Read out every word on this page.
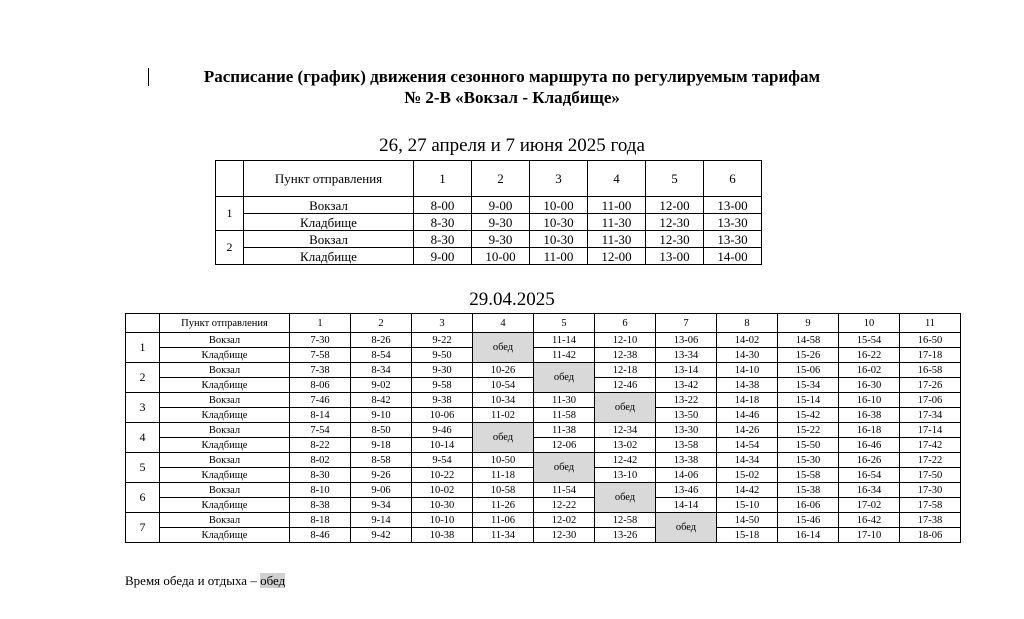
Расписание (график) движения сезонного маршрута по регулируемым тарифам
№ 2-В «Вокзал - Кладбище»
26, 27 апреля и 7 июня 2025 года
	Пункт отправления	1	2	3	4	5	6
1	Вокзал	8-00	9-00	10-00	11-00	12-00	13-00
	Кладбище	8-30	9-30	10-30	11-30	12-30	13-30
2	Вокзал	8-30	9-30	10-30	11-30	12-30	13-30
	Кладбище	9-00	10-00	11-00	12-00	13-00	14-00
29.04.2025
	Пункт отправления	1	2	3	4	5	6	7	8	9	10	11
1	Вокзал	7-30	8-26	9-22	обед	11-14	12-10	13-06	14-02	14-58	15-54	16-50
	Кладбище	7-58	8-54	9-50		11-42	12-38	13-34	14-30	15-26	16-22	17-18
2	Вокзал	7-38	8-34	9-30	10-26	обед	12-18	13-14	14-10	15-06	16-02	16-58
	Кладбище	8-06	9-02	9-58	10-54		12-46	13-42	14-38	15-34	16-30	17-26
3	Вокзал	7-46	8-42	9-38	10-34	11-30	обед	13-22	14-18	15-14	16-10	17-06
	Кладбище	8-14	9-10	10-06	11-02	11-58		13-50	14-46	15-42	16-38	17-34
4	Вокзал	7-54	8-50	9-46	обед	11-38	12-34	13-30	14-26	15-22	16-18	17-14
	Кладбище	8-22	9-18	10-14		12-06	13-02	13-58	14-54	15-50	16-46	17-42
5	Вокзал	8-02	8-58	9-54	10-50	обед	12-42	13-38	14-34	15-30	16-26	17-22
	Кладбище	8-30	9-26	10-22	11-18		13-10	14-06	15-02	15-58	16-54	17-50
6	Вокзал	8-10	9-06	10-02	10-58	11-54	обед	13-46	14-42	15-38	16-34	17-30
	Кладбище	8-38	9-34	10-30	11-26	12-22		14-14	15-10	16-06	17-02	17-58
7	Вокзал	8-18	9-14	10-10	11-06	12-02	12-58	обед	14-50	15-46	16-42	17-38
	Кладбище	8-46	9-42	10-38	11-34	12-30	13-26		15-18	16-14	17-10	18-06
Время обеда и отдыха – обед
